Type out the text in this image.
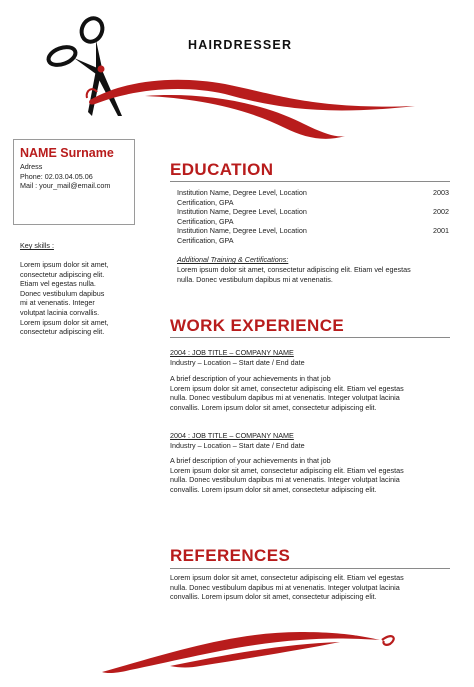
HAIRDRESSER
NAME Surname
Adress
Phone: 02.03.04.05.06
Mail : your_mail@email.com
Key skills :
Lorem ipsum dolor sit amet,
consectetur adipiscing elit.
Etiam vel egestas nulla.
Donec vestibulum dapibus
mi at venenatis. Integer
volutpat lacinia convallis.
Lorem ipsum dolor sit amet,
consectetur adipiscing elit.
EDUCATION
Institution Name, Degree Level, Location
Certification, GPA
2003
Institution Name, Degree Level, Location
Certification, GPA
2002
Institution Name, Degree Level, Location
Certification, GPA
2001
Additional Training & Certifications:
Lorem ipsum dolor sit amet, consectetur adipiscing elit. Etiam vel egestas
nulla. Donec vestibulum dapibus mi at venenatis.
WORK EXPERIENCE
2004 : JOB TITLE – COMPANY NAME
Industry – Location – Start date / End date
A brief description of your achievements in that job
Lorem ipsum dolor sit amet, consectetur adipiscing elit. Etiam vel egestas
nulla. Donec vestibulum dapibus mi at venenatis. Integer volutpat lacinia
convallis. Lorem ipsum dolor sit amet, consectetur adipiscing elit.
2004 : JOB TITLE – COMPANY NAME
Industry – Location – Start date / End date
A brief description of your achievements in that job
Lorem ipsum dolor sit amet, consectetur adipiscing elit. Etiam vel egestas
nulla. Donec vestibulum dapibus mi at venenatis. Integer volutpat lacinia
convallis. Lorem ipsum dolor sit amet, consectetur adipiscing elit.
REFERENCES
Lorem ipsum dolor sit amet, consectetur adipiscing elit. Etiam vel egestas
nulla. Donec vestibulum dapibus mi at venenatis. Integer volutpat lacinia
convallis. Lorem ipsum dolor sit amet, consectetur adipiscing elit.
